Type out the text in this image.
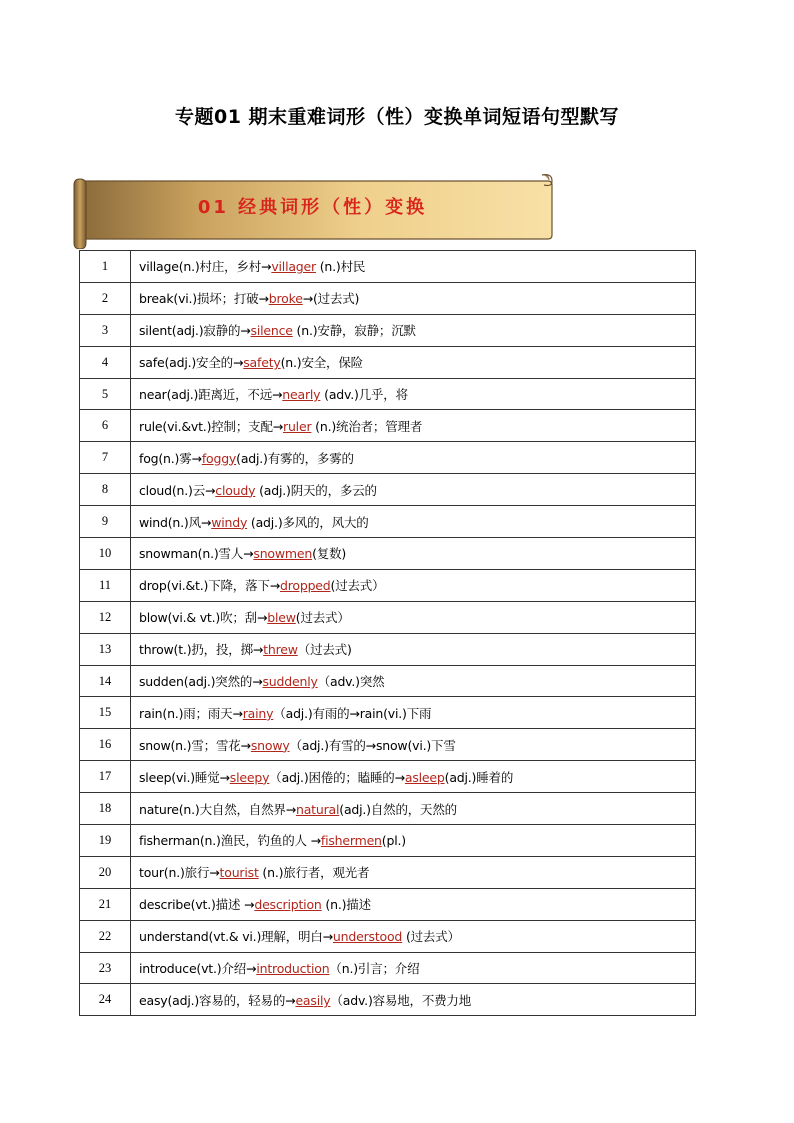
专题01 期末重难词形（性）变换单词短语句型默写
01 经典词形（性）变换
1	village(n.)村庄，乡村→villager (n.)村民
2	break(vi.)损坏；打破→broke→(过去式)
3	silent(adj.)寂静的→silence (n.)安静，寂静；沉默
4	safe(adj.)安全的→safety(n.)安全，保险
5	near(adj.)距离近，不远→nearly (adv.)几乎，将
6	rule(vi.&vt.)控制；支配→ruler (n.)统治者；管理者
7	fog(n.)雾→foggy(adj.)有雾的，多雾的
8	cloud(n.)云→cloudy (adj.)阴天的，多云的
9	wind(n.)风→windy (adj.)多风的，风大的
10	snowman(n.)雪人→snowmen(复数)
11	drop(vi.&t.)下降，落下→dropped(过去式）
12	blow(vi.& vt.)吹；刮→blew(过去式）
13	throw(t.)扔，投，掷→threw（过去式)
14	sudden(adj.)突然的→suddenly（adv.)突然
15	rain(n.)雨；雨天→rainy（adj.)有雨的→rain(vi.)下雨
16	snow(n.)雪；雪花→snowy（adj.)有雪的→snow(vi.)下雪
17	sleep(vi.)睡觉→sleepy（adj.)困倦的；瞌睡的→asleep(adj.)睡着的
18	nature(n.)大自然，自然界→natural(adj.)自然的，天然的
19	fisherman(n.)渔民，钓鱼的人 →fishermen(pl.)
20	tour(n.)旅行→tourist (n.)旅行者，观光者
21	describe(vt.)描述 →description (n.)描述
22	understand(vt.& vi.)理解，明白→understood (过去式）
23	introduce(vt.)介绍→introduction（n.)引言；介绍
24	easy(adj.)容易的，轻易的→easily（adv.)容易地，不费力地
